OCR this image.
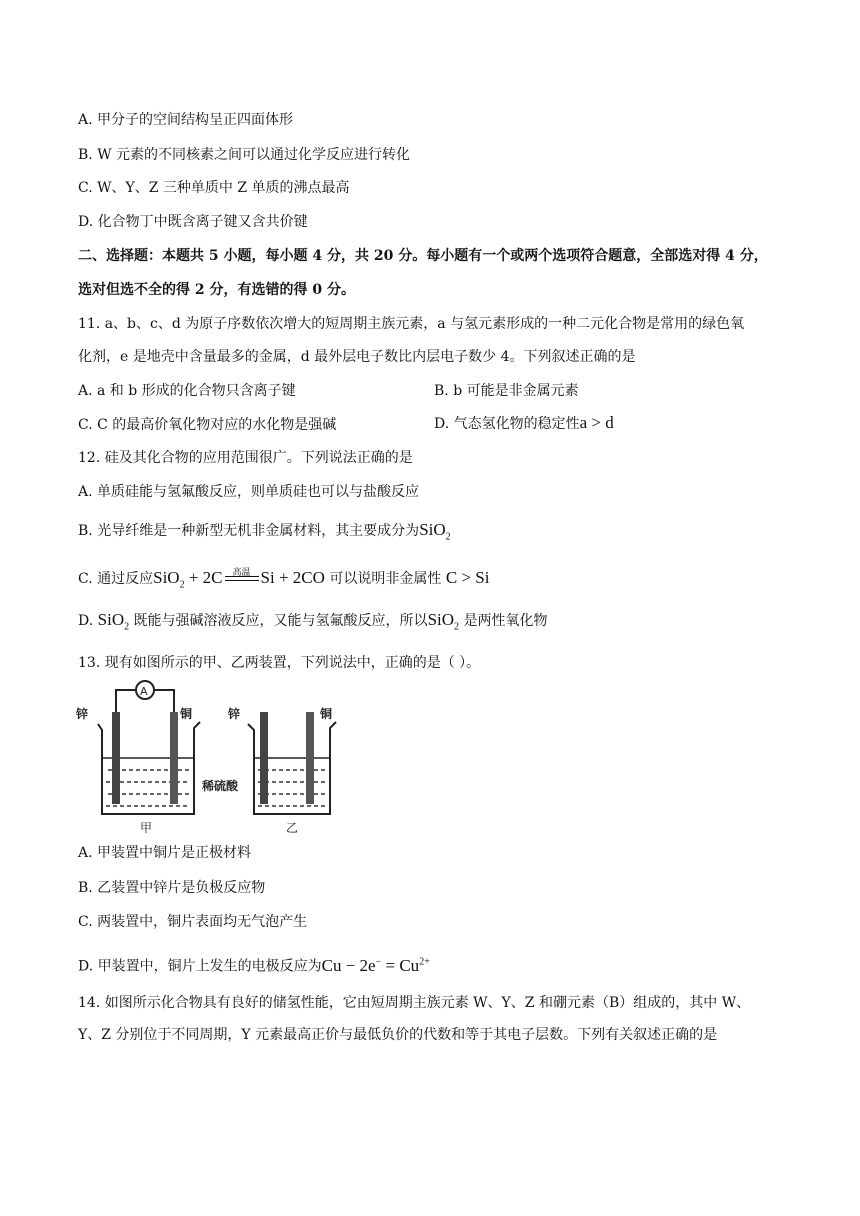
A. 甲分子的空间结构呈正四面体形
B. W 元素的不同核素之间可以通过化学反应进行转化
C. W、Y、Z 三种单质中 Z 单质的沸点最高
D. 化合物丁中既含离子键又含共价键
二、选择题：本题共 5 小题，每小题 4 分，共 20 分。每小题有一个或两个选项符合题意，全部选对得 4 分，
选对但选不全的得 2 分，有选错的得 0 分。
11. a、b、c、d 为原子序数依次增大的短周期主族元素，a 与氢元素形成的一种二元化合物是常用的绿色氧
化剂，e 是地壳中含量最多的金属，d 最外层电子数比内层电子数少 4。下列叙述正确的是
A. a 和 b 形成的化合物只含离子键	B. b 可能是非金属元素
C. C 的最高价氧化物对应的水化物是强碱	D. 气态氢化物的稳定性a > d
12. 硅及其化合物的应用范围很广。下列说法正确的是
A. 单质硅能与氢氟酸反应，则单质硅也可以与盐酸反应
B. 光导纤维是一种新型无机非金属材料，其主要成分为SiO$_2$
C. 通过反应SiO$_2$ + 2C	高温 Si + 2CO 可以说明非金属性 C > Si
D. SiO$_2$ 既能与强碱溶液反应，又能与氢氟酸反应，所以SiO$_2$ 是两性氧化物
13. 现有如图所示的甲、乙两装置，下列说法中，正确的是（ ）。
锌
A
铜
甲
稀硫酸
锌	铜
乙
A. 甲装置中铜片是正极材料
B. 乙装置中锌片是负极反应物
C. 两装置中，铜片表面均无气泡产生
D. 甲装置中，铜片上发生的电极反应为$Cu - 2e^- = Cu^{2+}$
14. 如图所示化合物具有良好的储氢性能，它由短周期主族元素 W、Y、Z 和硼元素（B）组成的，其中 W、
Y、Z 分别位于不同周期，Y 元素最高正价与最低负价的代数和等于其电子层数。下列有关叙述正确的是
